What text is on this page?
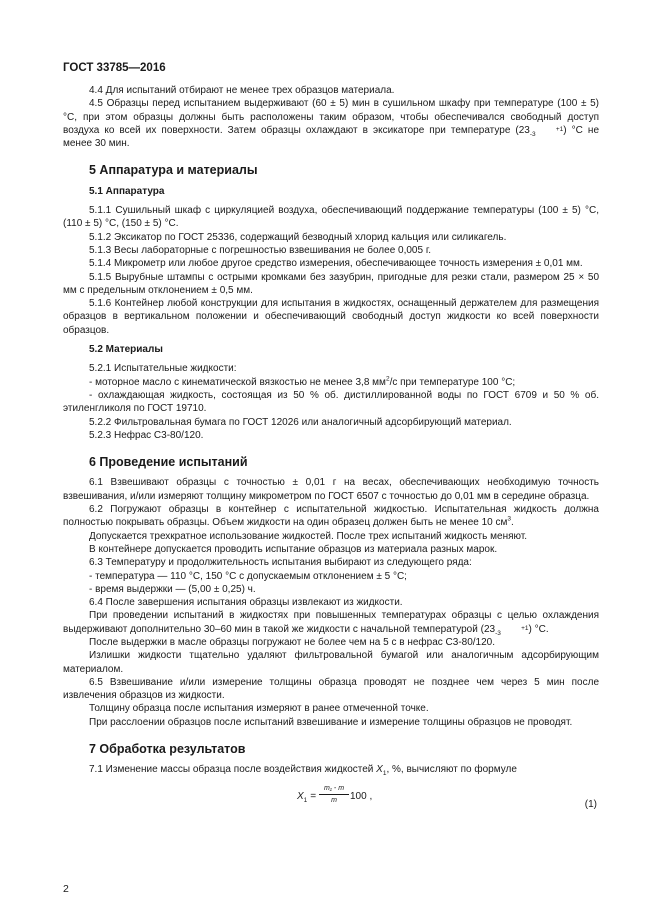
ГОСТ 33785—2016

4.4 Для испытаний отбирают не менее трех образцов материала.

4.5 Образцы перед испытанием выдерживают (60 ± 5) мин в сушильном шкафу при температуре (100 ± 5) °С, при этом образцы должны быть расположены таким образом, чтобы обеспечивался свободный доступ воздуха ко всей их поверхности. Затем образцы охлаждают в эксикаторе при температуре (23	+1
-3	) °С не менее 30 мин.

5 Аппаратура и материалы
5.1 Аппаратура

5.1.1 Сушильный шкаф с циркуляцией воздуха, обеспечивающий поддержание температуры (100 ± 5) °С, (110 ± 5) °С, (150 ± 5) °С.

5.1.2 Эксикатор по ГОСТ 25336, содержащий безводный хлорид кальция или силикагель.

5.1.3 Весы лабораторные с погрешностью взвешивания не более 0,005 г.

5.1.4 Микрометр или любое другое средство измерения, обеспечивающее точность измерения ± 0,01 мм.

5.1.5 Вырубные штампы с острыми кромками без зазубрин, пригодные для резки стали, размером 25 × 50 мм с предельным отклонением ± 0,5 мм.

5.1.6 Контейнер любой конструкции для испытания в жидкостях, оснащенный держателем для размещения образцов в вертикальном положении и обеспечивающий свободный доступ жидкости ко всей поверхности образцов.

5.2 Материалы

5.2.1 Испытательные жидкости:

- моторное масло с кинематической вязкостью не менее 3,8 $мм^2/с$ при температуре 100 °С;

- охлаждающая жидкость, состоящая из 50 % об. дистиллированной воды по ГОСТ 6709 и 50 % об. этиленгликоля по ГОСТ 19710.

5.2.2 Фильтровальная бумага по ГОСТ 12026 или аналогичный адсорбирующий материал.

5.2.3 Нефрас С3-80/120.

6 Проведение испытаний

6.1 Взвешивают образцы с точностью ± 0,01 г на весах, обеспечивающих необходимую точность взвешивания, и/или измеряют толщину микрометром по ГОСТ 6507 с точностью до 0,01 мм в середине образца.

6.2 Погружают образцы в контейнер с испытательной жидкостью. Испытательная жидкость должна полностью покрывать образцы. Объем жидкости на один образец должен быть не менее 10 $см^3$.

Допускается трехкратное использование жидкостей. После трех испытаний жидкость меняют.

В контейнере допускается проводить испытание образцов из материала разных марок.

6.3 Температуру и продолжительность испытания выбирают из следующего ряда:

- температура — 110 °С, 150 °С с допускаемым отклонением ± 5 °С;

- время выдержки — (5,00 ± 0,25) ч.

6.4 После завершения испытания образцы извлекают из жидкости.

При проведении испытаний в жидкостях при повышенных температурах образцы с целью охлаждения выдерживают дополнительно 30–60 мин в такой же жидкости с начальной температурой (23	+1
-3	) °С.

После выдержки в масле образцы погружают не более чем на 5 с в нефрас С3-80/120.

Излишки жидкости тщательно удаляют фильтровальной бумагой или аналогичным адсорбирующим материалом.

6.5 Взвешивание и/или измерение толщины образца проводят не позднее чем через 5 мин после извлечения образцов из жидкости.

Толщину образца после испытания измеряют в ранее отмеченной точке.

При расслоении образцов после испытаний взвешивание и измерение толщины образцов не проводят.

7 Обработка результатов

7.1 Изменение массы образца после воздействия жидкостей $X_1$, %, вычисляют по формуле

$X_1 = \frac{\text{m₁ - m}}{m} 100$ ,
(1)
2
